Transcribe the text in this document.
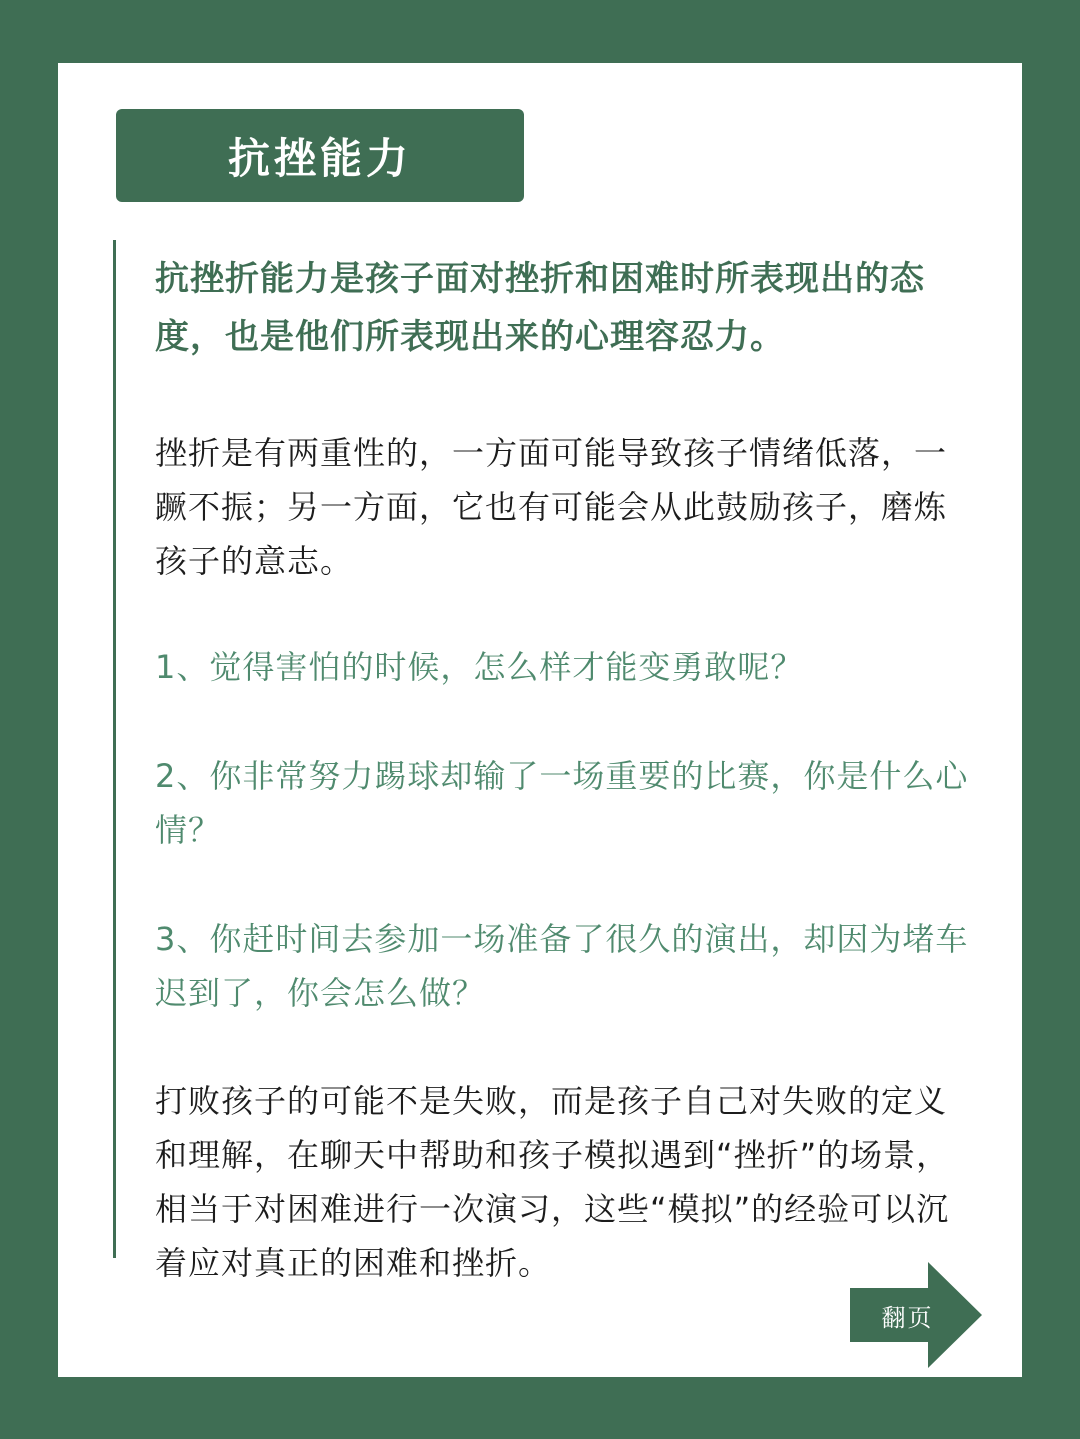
抗挫能力

抗挫折能力是孩子面对挫折和困难时所表现出的态度，也是他们所表现出来的心理容忍力。

挫折是有两重性的，一方面可能导致孩子情绪低落，一蹶不振；另一方面，它也有可能会从此鼓励孩子，磨炼孩子的意志。

1、觉得害怕的时候，怎么样才能变勇敢呢？

2、你非常努力踢球却输了一场重要的比赛，你是什么心情？

3、你赶时间去参加一场准备了很久的演出，却因为堵车迟到了，你会怎么做？

打败孩子的可能不是失败，而是孩子自己对失败的定义和理解，在聊天中帮助和孩子模拟遇到“挫折”的场景，相当于对困难进行一次演习，这些“模拟”的经验可以沉着应对真正的困难和挫折。

翻页
